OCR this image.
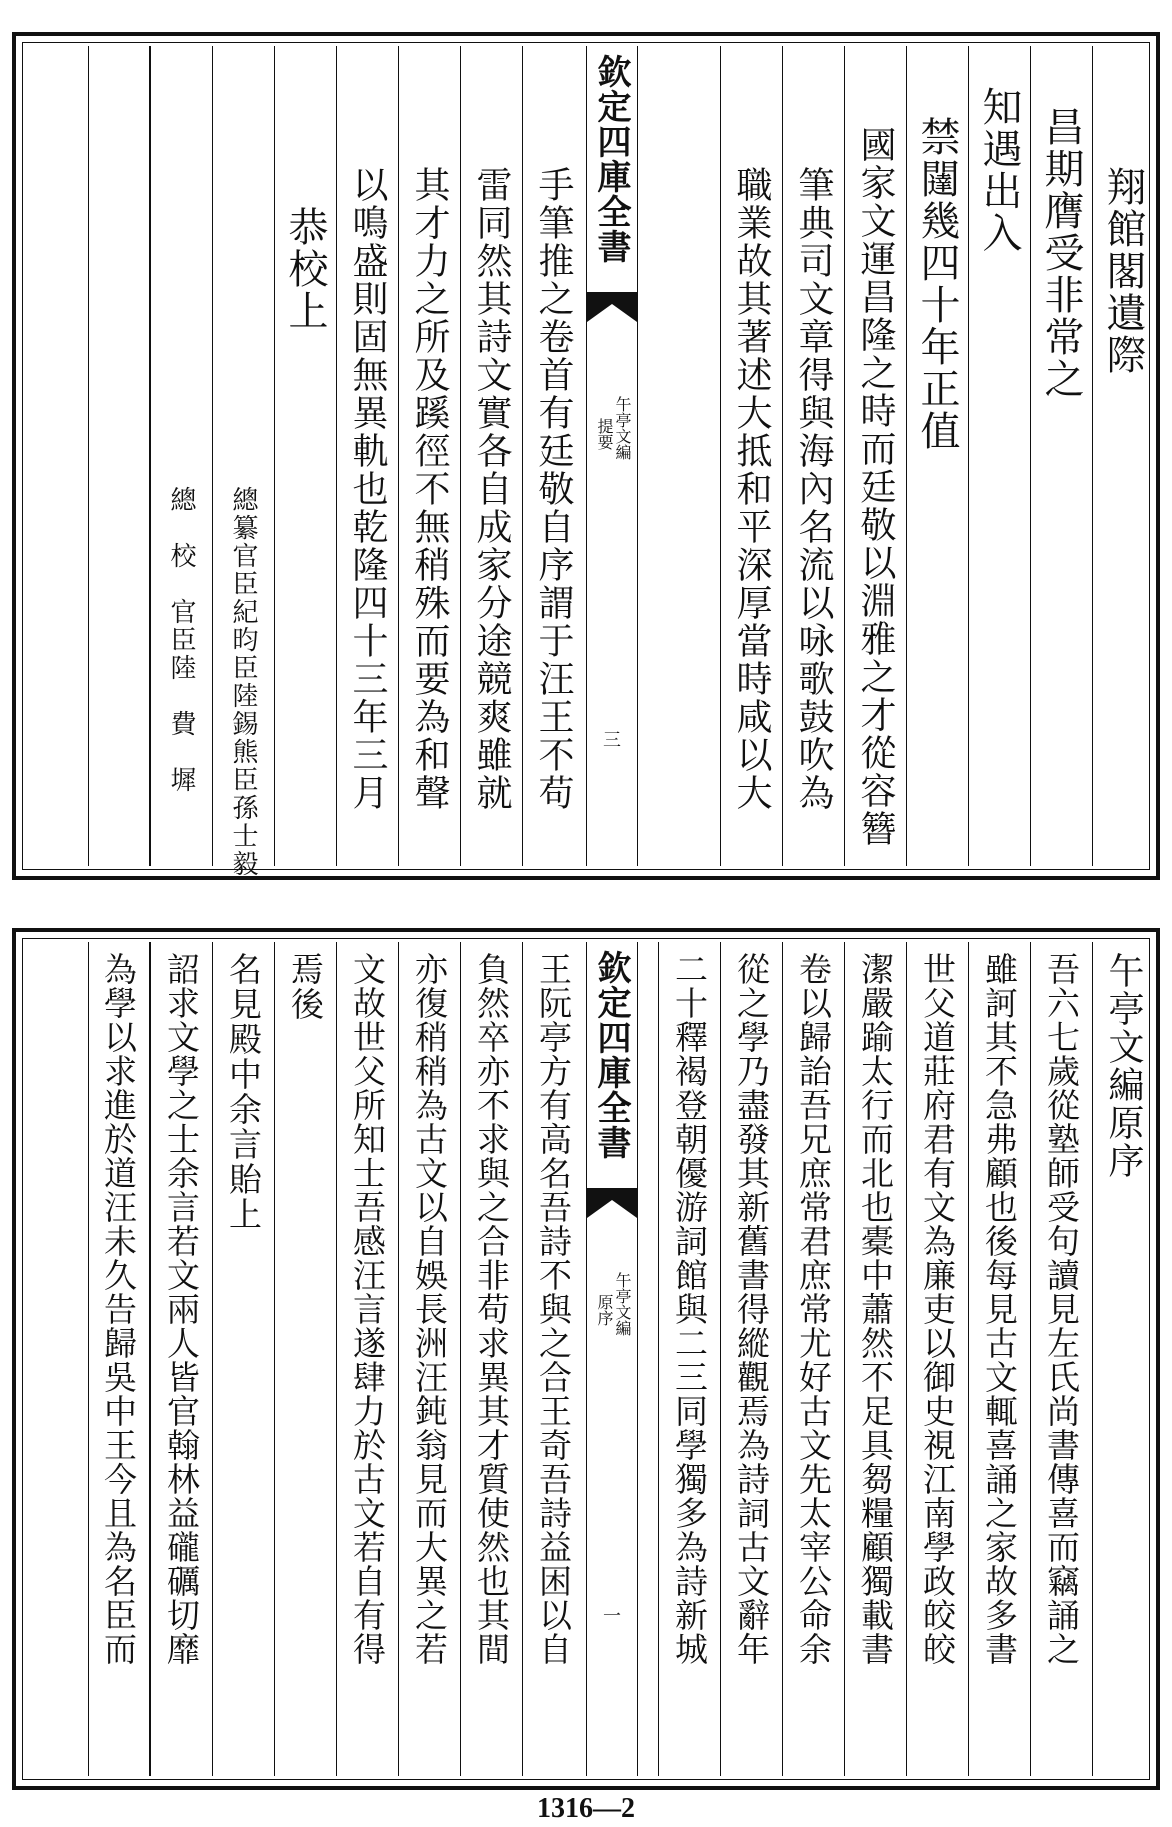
翔館閣遺際
昌期膺受非常之
知遇出入
禁闥幾四十年正值
國家文運昌隆之時而廷敬以淵雅之才從容簪
筆典司文章得與海內名流以咏歌鼓吹為
職業故其著述大抵和平深厚當時咸以大
欽定四庫全書
午亭文編
提要
三
手筆推之卷首有廷敬自序謂于汪王不苟
雷同然其詩文實各自成家分途競爽雖就
其才力之所及蹊徑不無稍殊而要為和聲
以鳴盛則固無異軌也乾隆四十三年三月
恭校上
總纂官臣紀昀臣陸錫熊臣孫士毅
總　校　官臣陸　費　墀
午亭文編原序
吾六七歲從塾師受句讀見左氏尚書傳喜而竊誦之
雖訶其不急弗顧也後每見古文輒喜誦之家故多書
世父道莊府君有文為廉吏以御史視江南學政皎皎
潔嚴踰太行而北也橐中蕭然不足具芻糧顧獨載書
卷以歸詒吾兄庶常君庶常尤好古文先太宰公命余
從之學乃盡發其新舊書得縱觀焉為詩詞古文辭年
二十釋褐登朝優游詞館與二三同學獨多為詩新城
欽定四庫全書
午亭文編
原序
一
王阮亭方有高名吾詩不與之合王奇吾詩益困以自
負然卒亦不求與之合非苟求異其才質使然也其間
亦復稍稍為古文以自娛長洲汪鈍翁見而大異之若
文故世父所知士吾感汪言遂肆力於古文若自有得
焉後
名見殿中余言貽上
詔求文學之士余言若文兩人皆官翰林益礲礪切靡
為學以求進於道汪未久告歸吳中王今且為名臣而
1316—2
